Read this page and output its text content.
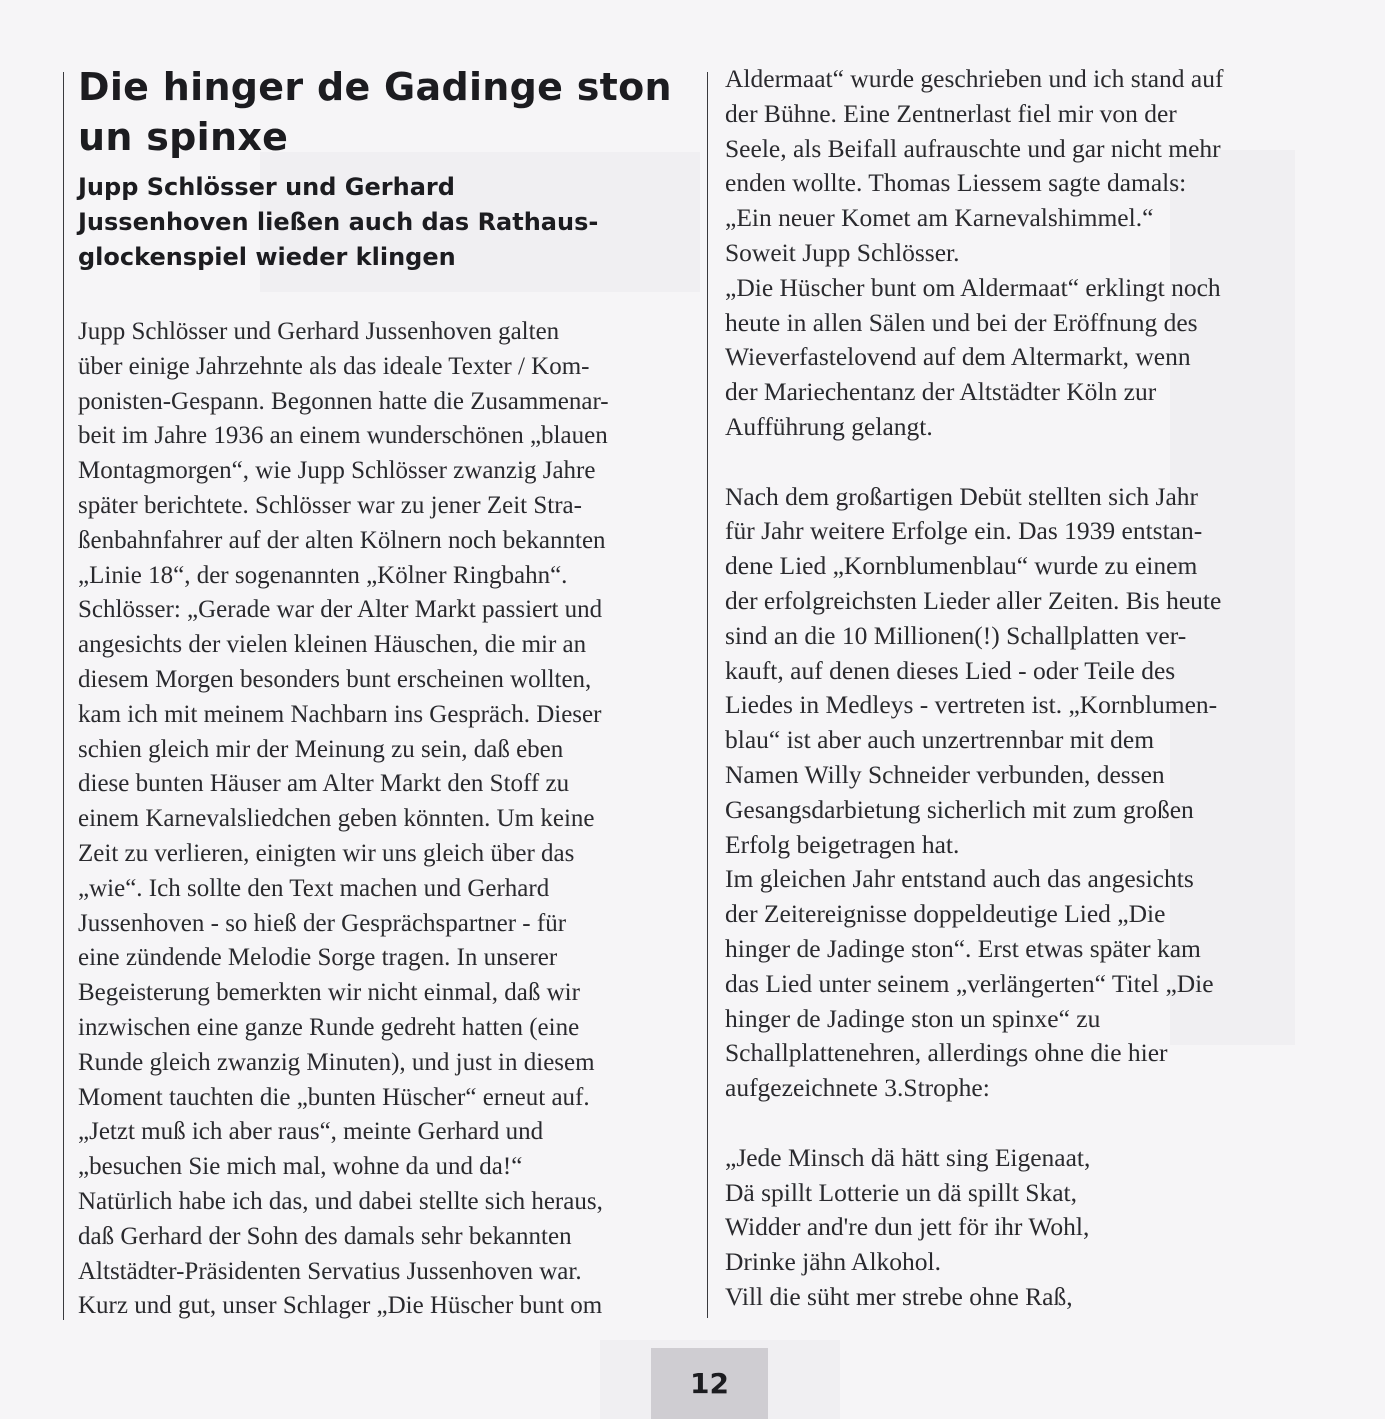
Die hinger de Gadinge ston
un spinxe
Jupp Schlösser und Gerhard
Jussenhoven ließen auch das Rathaus-
glockenspiel wieder klingen
Jupp Schlösser und Gerhard Jussenhoven galten
über einige Jahrzehnte als das ideale Texter / Kom-
ponisten-Gespann. Begonnen hatte die Zusammenar-
beit im Jahre 1936 an einem wunderschönen „blauen
Montagmorgen“, wie Jupp Schlösser zwanzig Jahre
später berichtete. Schlösser war zu jener Zeit Stra-
ßenbahnfahrer auf der alten Kölnern noch bekannten
„Linie 18“, der sogenannten „Kölner Ringbahn“.
Schlösser: „Gerade war der Alter Markt passiert und
angesichts der vielen kleinen Häuschen, die mir an
diesem Morgen besonders bunt erscheinen wollten,
kam ich mit meinem Nachbarn ins Gespräch. Dieser
schien gleich mir der Meinung zu sein, daß eben
diese bunten Häuser am Alter Markt den Stoff zu
einem Karnevalsliedchen geben könnten. Um keine
Zeit zu verlieren, einigten wir uns gleich über das
„wie“. Ich sollte den Text machen und Gerhard
Jussenhoven - so hieß der Gesprächspartner - für
eine zündende Melodie Sorge tragen. In unserer
Begeisterung bemerkten wir nicht einmal, daß wir
inzwischen eine ganze Runde gedreht hatten (eine
Runde gleich zwanzig Minuten), und just in diesem
Moment tauchten die „bunten Hüscher“ erneut auf.
„Jetzt muß ich aber raus“, meinte Gerhard und
„besuchen Sie mich mal, wohne da und da!“
Natürlich habe ich das, und dabei stellte sich heraus,
daß Gerhard der Sohn des damals sehr bekannten
Altstädter-Präsidenten Servatius Jussenhoven war.
Kurz und gut, unser Schlager „Die Hüscher bunt om
Aldermaat“ wurde geschrieben und ich stand auf
der Bühne. Eine Zentnerlast fiel mir von der
Seele, als Beifall aufrauschte und gar nicht mehr
enden wollte. Thomas Liessem sagte damals:
„Ein neuer Komet am Karnevalshimmel.“
Soweit Jupp Schlösser.
„Die Hüscher bunt om Aldermaat“ erklingt noch
heute in allen Sälen und bei der Eröffnung des
Wieverfastelovend auf dem Altermarkt, wenn
der Mariechentanz der Altstädter Köln zur
Aufführung gelangt.
Nach dem großartigen Debüt stellten sich Jahr
für Jahr weitere Erfolge ein. Das 1939 entstan-
dene Lied „Kornblumenblau“ wurde zu einem
der erfolgreichsten Lieder aller Zeiten. Bis heute
sind an die 10 Millionen(!) Schallplatten ver-
kauft, auf denen dieses Lied - oder Teile des
Liedes in Medleys - vertreten ist. „Kornblumen-
blau“ ist aber auch unzertrennbar mit dem
Namen Willy Schneider verbunden, dessen
Gesangsdarbietung sicherlich mit zum großen
Erfolg beigetragen hat.
Im gleichen Jahr entstand auch das angesichts
der Zeitereignisse doppeldeutige Lied „Die
hinger de Jadinge ston“. Erst etwas später kam
das Lied unter seinem „verlängerten“ Titel „Die
hinger de Jadinge ston un spinxe“ zu
Schallplattenehren, allerdings ohne die hier
aufgezeichnete 3.Strophe:
„Jede Minsch dä hätt sing Eigenaat,
Dä spillt Lotterie un dä spillt Skat,
Widder and're dun jett för ihr Wohl,
Drinke jähn Alkohol.
Vill die süht mer strebe ohne Raß,
12
